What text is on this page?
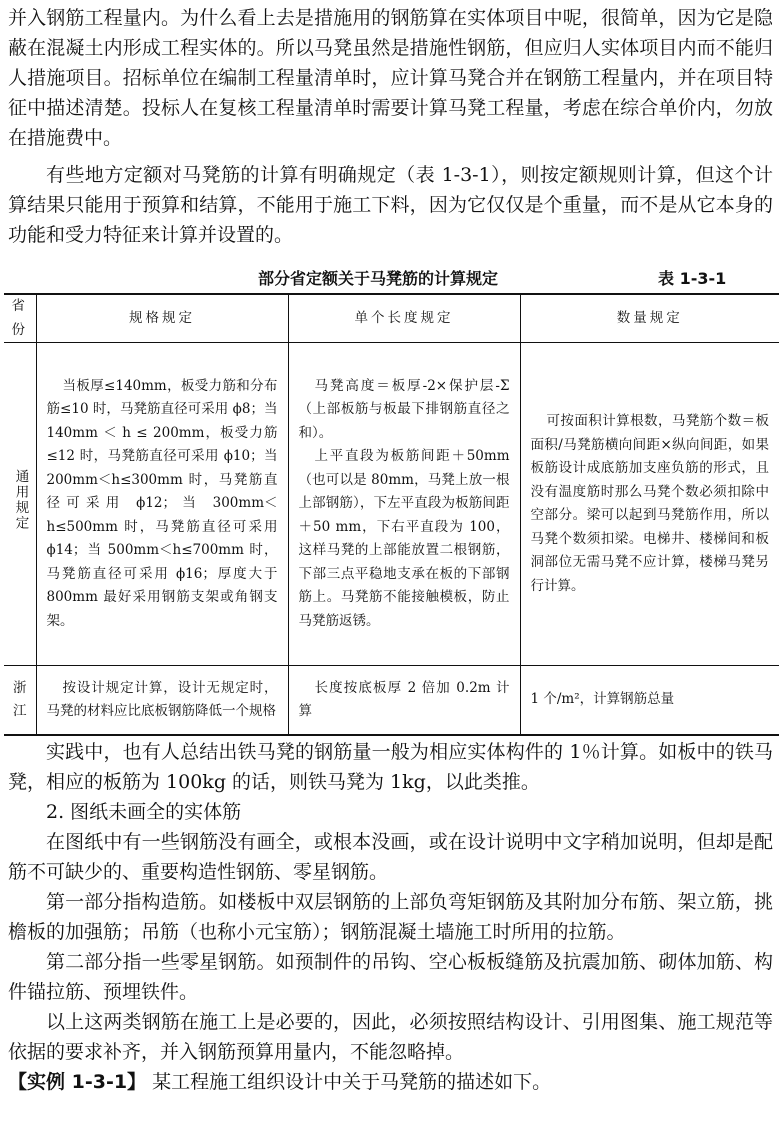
并入钢筋工程量内。为什么看上去是措施用的钢筋算在实体项目中呢，很简单，因为它是隐蔽在混凝土内形成工程实体的。所以马凳虽然是措施性钢筋，但应归人实体项目内而不能归人措施项目。招标单位在编制工程量清单时，应计算马凳合并在钢筋工程量内，并在项目特征中描述清楚。投标人在复核工程量清单时需要计算马凳工程量，考虑在综合单价内，勿放在措施费中。

有些地方定额对马凳筋的计算有明确规定（表 1-3-1），则按定额规则计算，但这个计算结果只能用于预算和结算，不能用于施工下料，因为它仅仅是个重量，而不是从它本身的功能和受力特征来计算并设置的。

部分省定额关于马凳筋的计算规定	表 1-3-1
省份	规格规定	单个长度规定	数量规定
通用规定	当板厚≤140mm，板受力筋和分布筋≤10 时，马凳筋直径可采用 ϕ8；当 140mm ＜ h ≤ 200mm，板受力筋≤12 时，马凳筋直径可采用 ϕ10；当 200mm＜h≤300mm 时，马凳筋直径可采用 ϕ12；当 300mm＜h≤500mm 时，马凳筋直径可采用 ϕ14；当 500mm＜h≤700mm 时，马凳筋直径可采用 ϕ16；厚度大于 800mm 最好采用钢筋支架或角钢支架。	马凳高度＝板厚-2×保护层-Σ（上部板筋与板最下排钢筋直径之和）。
上平直段为板筋间距＋50mm（也可以是 80mm，马凳上放一根上部钢筋），下左平直段为板筋间距＋50 mm，下右平直段为 100，这样马凳的上部能放置二根钢筋，下部三点平稳地支承在板的下部钢筋上。马凳筋不能接触模板，防止马凳筋返锈。	可按面积计算根数，马凳筋个数＝板面积/马凳筋横向间距×纵向间距，如果板筋设计成底筋加支座负筋的形式，且没有温度筋时那么马凳个数必须扣除中空部分。梁可以起到马凳筋作用，所以马凳个数须扣梁。电梯井、楼梯间和板洞部位无需马凳不应计算，楼梯马凳另行计算。

浙江	按设计规定计算，设计无规定时，马凳的材料应比底板钢筋降低一个规格	长度按底板厚 2 倍加 0.2m 计算	1 个/m²，计算钢筋总量

实践中，也有人总结出铁马凳的钢筋量一般为相应实体构件的 1％计算。如板中的铁马凳，相应的板筋为 100kg 的话，则铁马凳为 1kg，以此类推。

2. 图纸未画全的实体筋

在图纸中有一些钢筋没有画全，或根本没画，或在设计说明中文字稍加说明，但却是配筋不可缺少的、重要构造性钢筋、零星钢筋。

第一部分指构造筋。如楼板中双层钢筋的上部负弯矩钢筋及其附加分布筋、架立筋，挑檐板的加强筋；吊筋（也称小元宝筋）；钢筋混凝土墙施工时所用的拉筋。

第二部分指一些零星钢筋。如预制件的吊钩、空心板板缝筋及抗震加筋、砌体加筋、构件锚拉筋、预埋铁件。

以上这两类钢筋在施工上是必要的，因此，必须按照结构设计、引用图集、施工规范等依据的要求补齐，并入钢筋预算用量内，不能忽略掉。

【实例 1-3-1】 某工程施工组织设计中关于马凳筋的描述如下。
